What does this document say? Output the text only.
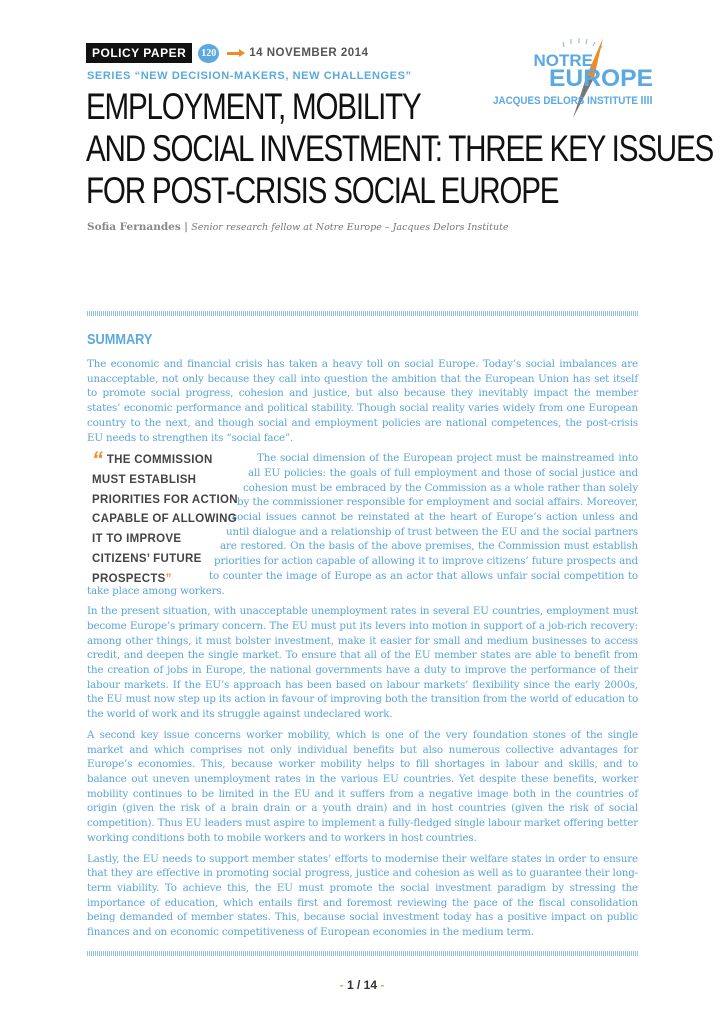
POLICY PAPER	120	14 NOVEMBER 2014
SERIES “NEW DECISION-MAKERS, NEW CHALLENGES”
NOTRE
EUROPE
JACQUES DELORS INSTITUTE
EMPLOYMENT, MOBILITY
AND SOCIAL INVESTMENT: THREE KEY ISSUES
FOR POST-CRISIS SOCIAL EUROPE
Sofia Fernandes | Senior research fellow at Notre Europe – Jacques Delors Institute
SUMMARY

The economic and financial crisis has taken a heavy toll on social Europe. Today’s social imbalances are unacceptable, not only because they call into question the ambition that the European Union has set itself to promote social progress, cohesion and justice, but also because they inevitably impact the member states’ economic performance and political stability. Though social reality varies widely from one European country to the next, and though social and employment policies are national competences, the post-crisis EU needs to strengthen its “social face”.

The social dimension of the European project must be mainstreamed into all EU policies: the goals of full employment and those of social justice and cohesion must be embraced by the Commission as a whole rather than solely by the commissioner responsible for employment and social affairs. Moreover, social issues cannot be reinstated at the heart of Europe’s action unless and until dialogue and a relationship of trust between the EU and the social partners are restored. On the basis of the above premises, the Commission must establish priorities for action capable of allowing it to improve citizens’ future prospects and to counter the image of Europe as an actor that allows unfair social competition to take place among workers.

In the present situation, with unacceptable unemployment rates in several EU countries, employment must become Europe’s primary concern. The EU must put its levers into motion in support of a job-rich recovery: among other things, it must bolster investment, make it easier for small and medium businesses to access credit, and deepen the single market. To ensure that all of the EU member states are able to benefit from the creation of jobs in Europe, the national governments have a duty to improve the performance of their labour markets. If the EU’s approach has been based on labour markets’ flexibility since the early 2000s, the EU must now step up its action in favour of improving both the transition from the world of education to the world of work and its struggle against undeclared work.

A second key issue concerns worker mobility, which is one of the very foundation stones of the single market and which comprises not only individual benefits but also numerous collective advantages for Europe’s economies. This, because worker mobility helps to fill shortages in labour and skills, and to balance out uneven unemployment rates in the various EU countries. Yet despite these benefits, worker mobility continues to be limited in the EU and it suffers from a negative image both in the countries of origin (given the risk of a brain drain or a youth drain) and in host countries (given the risk of social competition). Thus EU leaders must aspire to implement a fully-fledged single labour market offering better working conditions both to mobile workers and to workers in host countries.

Lastly, the EU needs to support member states’ efforts to modernise their welfare states in order to ensure that they are effective in promoting social progress, justice and cohesion as well as to guarantee their long-term viability. To achieve this, the EU must promote the social investment paradigm by stressing the importance of education, which entails first and foremost reviewing the pace of the fiscal consolidation being demanded of member states. This, because social investment today has a positive impact on public finances and on economic competitiveness of European economies in the medium term.

“ THE COMMISSION MUST ESTABLISH PRIORITIES FOR ACTION CAPABLE OF ALLOWING IT TO IMPROVE CITIZENS’ FUTURE PROSPECTS”
- 1 / 14 -
